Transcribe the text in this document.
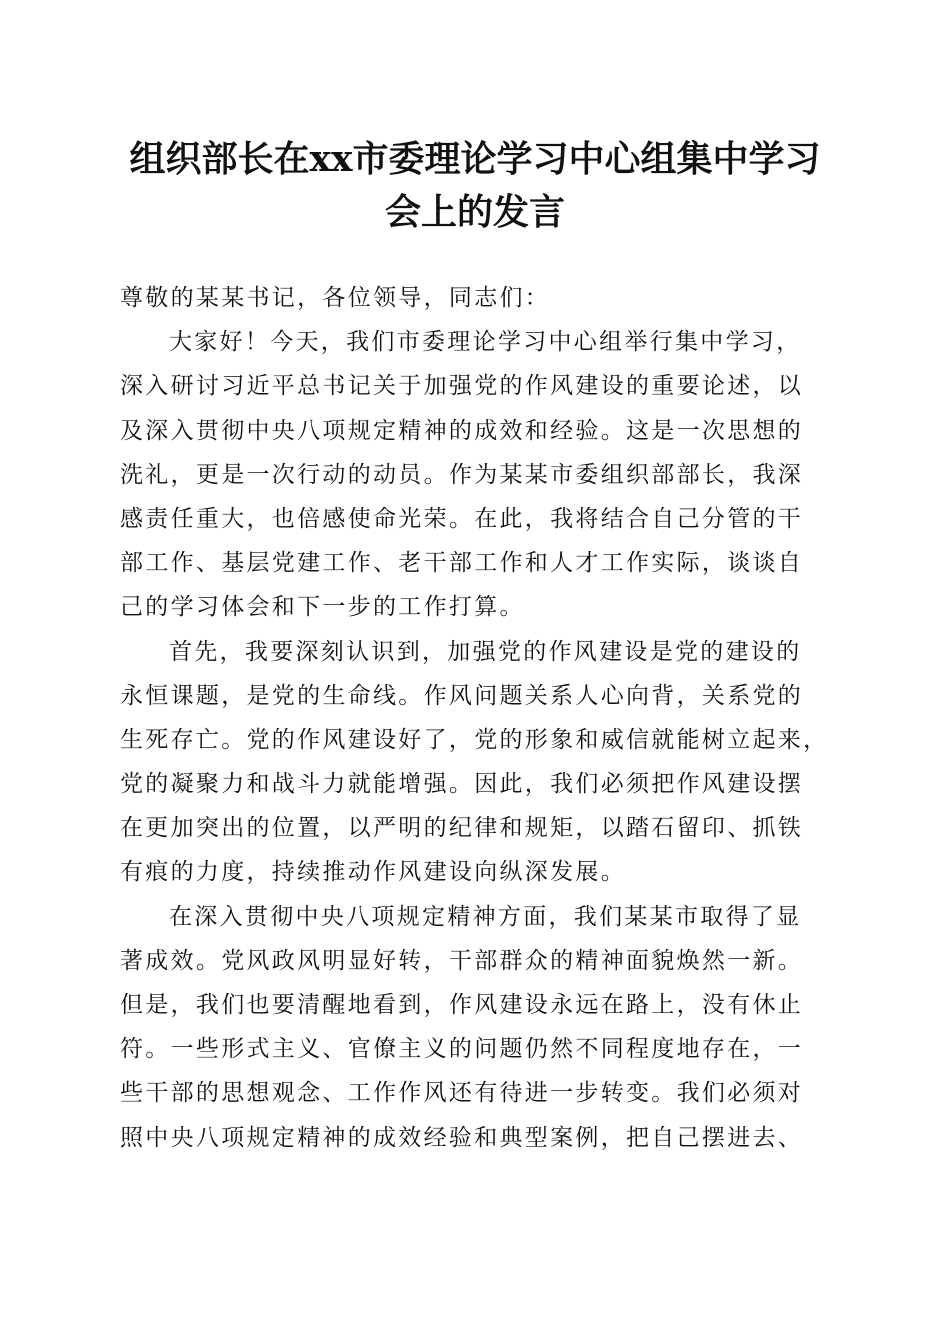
组织部长在xx市委理论学习中心组集中学习
会上的发言
尊敬的某某书记，各位领导，同志们：
大家好！今天，我们市委理论学习中心组举行集中学习，
深入研讨习近平总书记关于加强党的作风建设的重要论述，以
及深入贯彻中央八项规定精神的成效和经验。这是一次思想的
洗礼，更是一次行动的动员。作为某某市委组织部部长，我深
感责任重大，也倍感使命光荣。在此，我将结合自己分管的干
部工作、基层党建工作、老干部工作和人才工作实际，谈谈自
己的学习体会和下一步的工作打算。
首先，我要深刻认识到，加强党的作风建设是党的建设的
永恒课题，是党的生命线。作风问题关系人心向背，关系党的
生死存亡。党的作风建设好了，党的形象和威信就能树立起来，
党的凝聚力和战斗力就能增强。因此，我们必须把作风建设摆
在更加突出的位置，以严明的纪律和规矩，以踏石留印、抓铁
有痕的力度，持续推动作风建设向纵深发展。
在深入贯彻中央八项规定精神方面，我们某某市取得了显
著成效。党风政风明显好转，干部群众的精神面貌焕然一新。
但是，我们也要清醒地看到，作风建设永远在路上，没有休止
符。一些形式主义、官僚主义的问题仍然不同程度地存在，一
些干部的思想观念、工作作风还有待进一步转变。我们必须对
照中央八项规定精神的成效经验和典型案例，把自己摆进去、
